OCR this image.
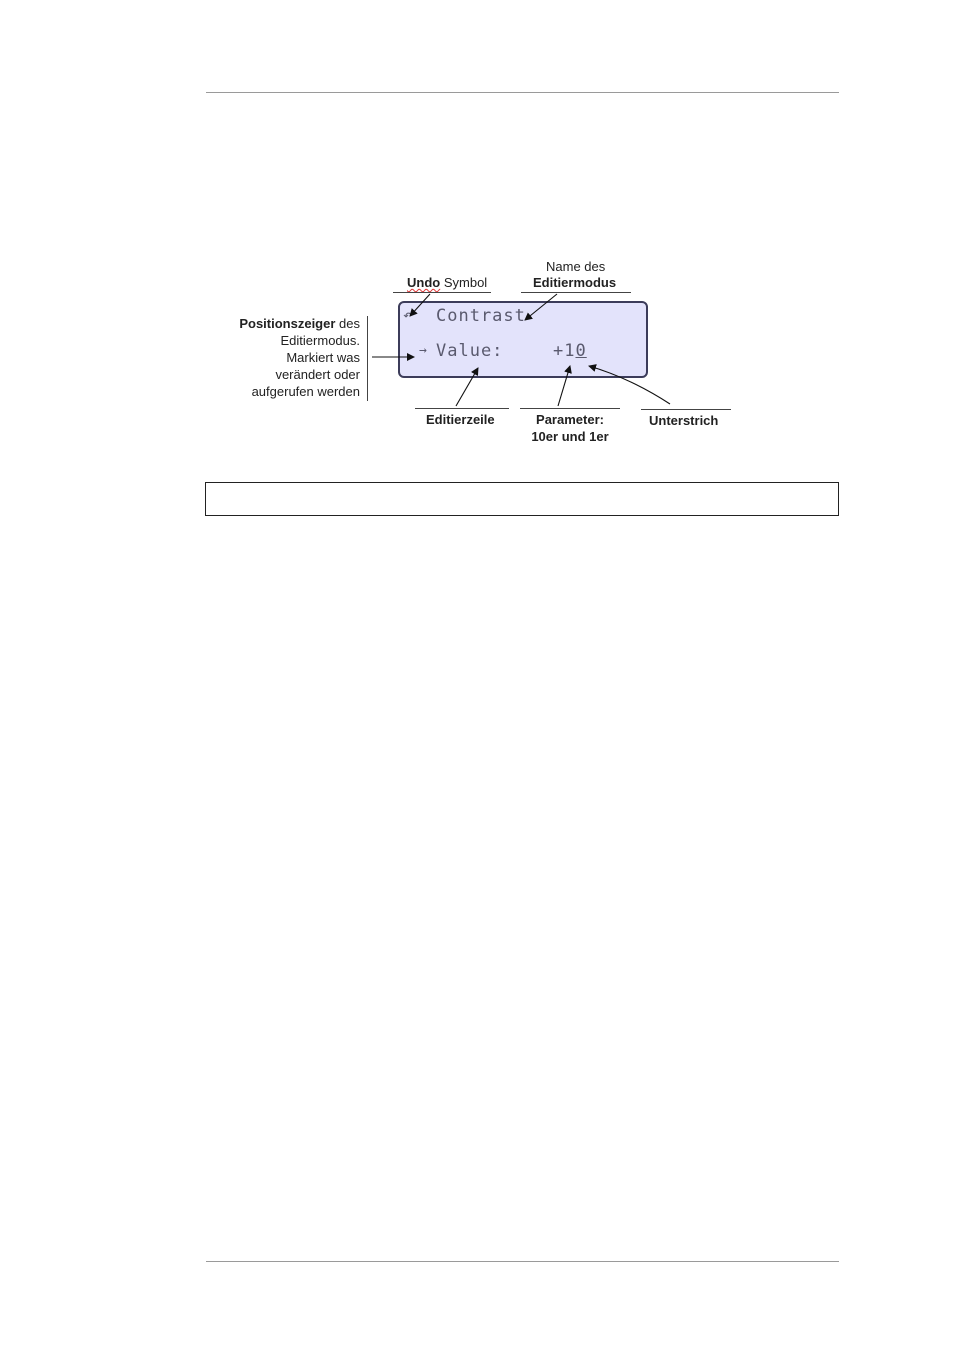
Undo Symbol
Name des
Editiermodus
Positionszeiger des
Editiermodus.
Markiert was
verändert oder
aufgerufen werden
↶ Contrast
→ Value:	+10
Editierzeile	Parameter:
10er und 1er
Unterstrich
